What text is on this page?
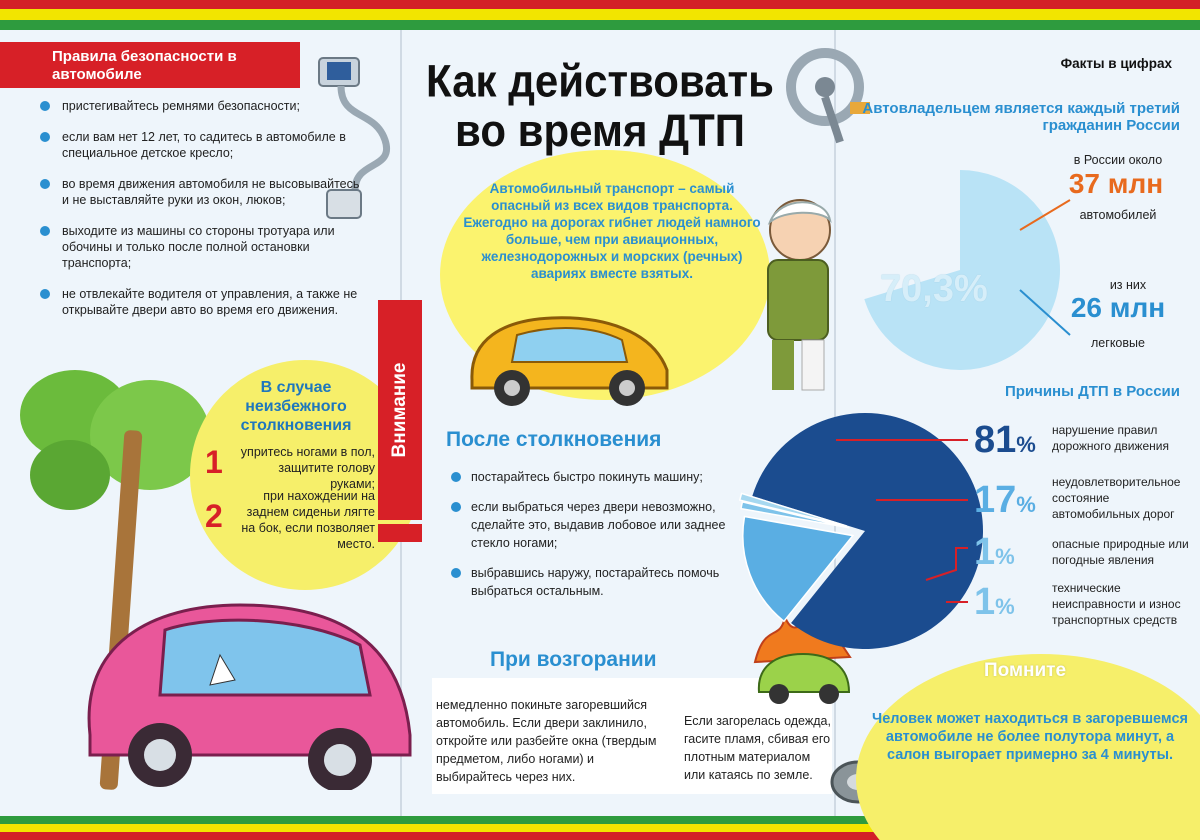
Правила безопасности в автомобиле
пристегивайтесь ремнями безопасности;
если вам нет 12 лет, то садитесь в автомобиле в специальное детское кресло;
во время движения автомобиля не высовывайтесь и не выставляйте руки из окон, люков;
выходите из машины со стороны тротуара или обочины и только после полной остановки транспорта;
не отвлекайте водителя от управления, а также не открывайте двери авто во время его движения.
Внимание
В случае неизбежного столкновения
1	упритесь ногами в пол, защитите голову руками;
2
при нахождении на заднем сиденьи лягте на бок, если позволяет место.
Как действовать во время ДТП
Автомобильный транспорт – самый опасный из всех видов транспорта. Ежегодно на дорогах гибнет людей намного больше, чем при авиационных, железнодорожных и морских (речных) авариях вместе взятых.
После столкновения
постарайтесь быстро покинуть машину;
если выбраться через двери невозможно, сделайте это, выдавив лобовое или заднее стекло ногами;
выбравшись наружу, постарайтесь помочь выбраться остальным.
При возгорании
немедленно покиньте загоревшийся автомобиль. Если двери заклинило, откройте или разбейте окна (твердым предметом, либо ногами) и выбирайтесь через них.
Если загорелась одежда, гасите пламя, сбивая его плотным материалом или катаясь по земле.
Факты в цифрах
Автовладельцем является каждый третий гражданин России
70,3%
в России около
37 млн
автомобилей
из них
26 млн
легковые
Причины ДТП в России
81%
17%
1%
1%
нарушение правил дорожного движения
неудовлетворительное состояние автомобильных дорог
опасные природные или погодные явления
технические неисправности и износ транспортных средств
Помните
Человек может находиться в загоревшемся автомобиле не более полутора минут, а салон выгорает примерно за 4 минуты.
